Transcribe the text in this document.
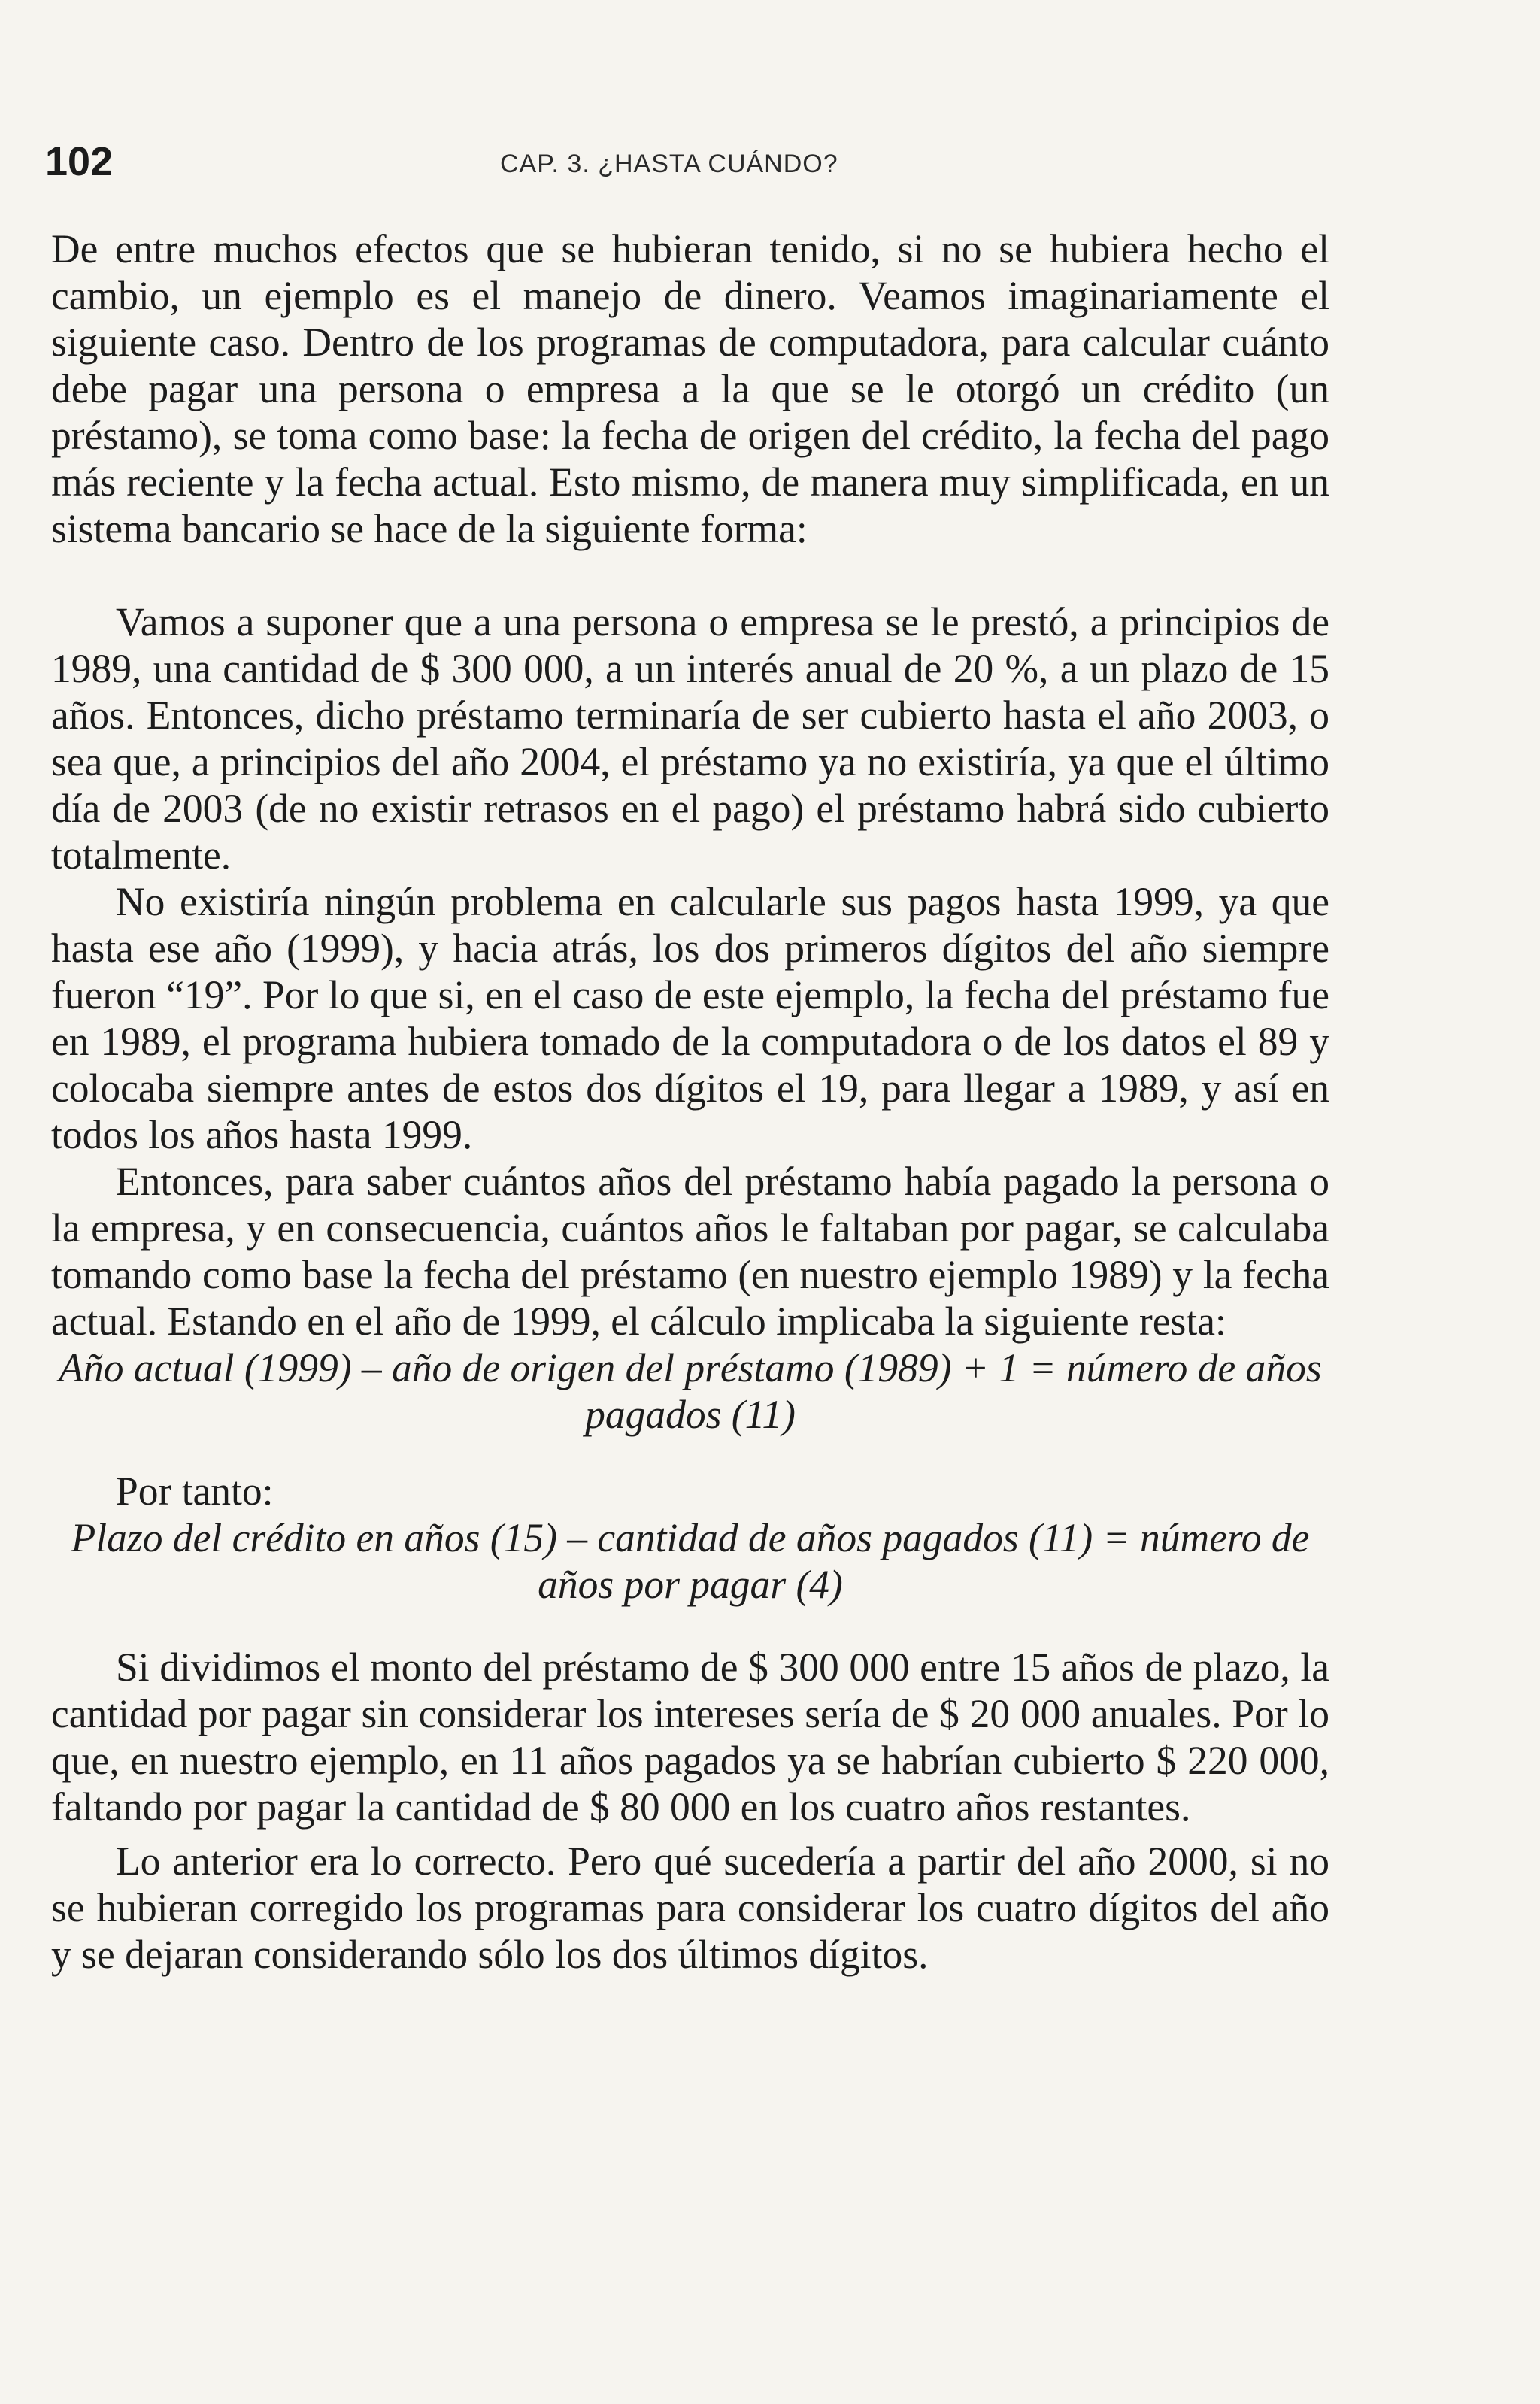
102	CAP. 3. ¿HASTA CUÁNDO?

De entre muchos efectos que se hubieran tenido, si no se hubiera hecho el cambio, un ejemplo es el manejo de dinero. Veamos imaginariamente el siguiente caso. Dentro de los programas de computadora, para calcular cuánto debe pagar una persona o empresa a la que se le otorgó un crédito (un préstamo), se toma como base: la fecha de origen del crédito, la fecha del pago más reciente y la fecha actual. Esto mismo, de manera muy simplificada, en un sistema bancario se hace de la siguiente forma:

Vamos a suponer que a una persona o empresa se le prestó, a principios de 1989, una cantidad de $ 300 000, a un interés anual de 20 %, a un plazo de 15 años. Entonces, dicho préstamo terminaría de ser cubierto hasta el año 2003, o sea que, a principios del año 2004, el préstamo ya no existiría, ya que el último día de 2003 (de no existir retrasos en el pago) el préstamo habrá sido cubierto totalmente.

No existiría ningún problema en calcularle sus pagos hasta 1999, ya que hasta ese año (1999), y hacia atrás, los dos primeros dígitos del año siempre fueron “19”. Por lo que si, en el caso de este ejemplo, la fecha del préstamo fue en 1989, el programa hubiera tomado de la computadora o de los datos el 89 y colocaba siempre antes de estos dos dígitos el 19, para llegar a 1989, y así en todos los años hasta 1999.

Entonces, para saber cuántos años del préstamo había pagado la persona o la empresa, y en consecuencia, cuántos años le faltaban por pagar, se calculaba tomando como base la fecha del préstamo (en nuestro ejemplo 1989) y la fecha actual. Estando en el año de 1999, el cálculo implicaba la siguiente resta:

Año actual (1999) – año de origen del préstamo (1989) + 1 = número de años pagados (11)

Por tanto:

Plazo del crédito en años (15) – cantidad de años pagados (11) = número de años por pagar (4)

Si dividimos el monto del préstamo de $ 300 000 entre 15 años de plazo, la cantidad por pagar sin considerar los intereses sería de $ 20 000 anuales. Por lo que, en nuestro ejemplo, en 11 años pagados ya se habrían cubierto $ 220 000, faltando por pagar la cantidad de $ 80 000 en los cuatro años restantes.

Lo anterior era lo correcto. Pero qué sucedería a partir del año 2000, si no se hubieran corregido los programas para considerar los cuatro dígitos del año y se dejaran considerando sólo los dos últimos dígitos.
